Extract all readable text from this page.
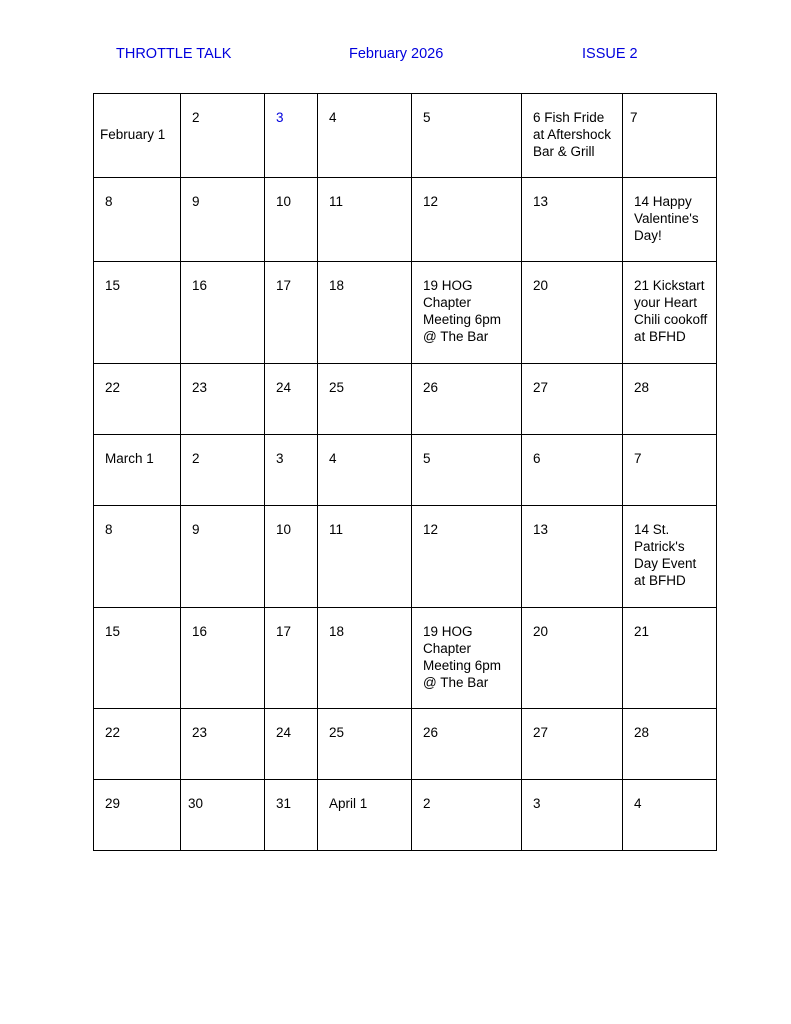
THROTTLE TALK	February 2026	ISSUE 2
February 1	2	3	4	5	6 Fish Fride at Aftershock Bar & Grill	7

8	9	10	11	12	13	14 Happy Valentine's Day!

15	16	17	18	19 HOG Chapter Meeting 6pm @ The Bar	20	21 Kickstart your Heart Chili cookoff at BFHD

22	23	24	25	26	27	28

March 1	2	3	4	5	6	7

8	9	10	11	12	13	14 St. Patrick's Day Event at BFHD

15	16	17	18	19 HOG Chapter Meeting 6pm @ The Bar	20	21

22	23	24	25	26	27	28

29	30	31	April 1	2	3	4
